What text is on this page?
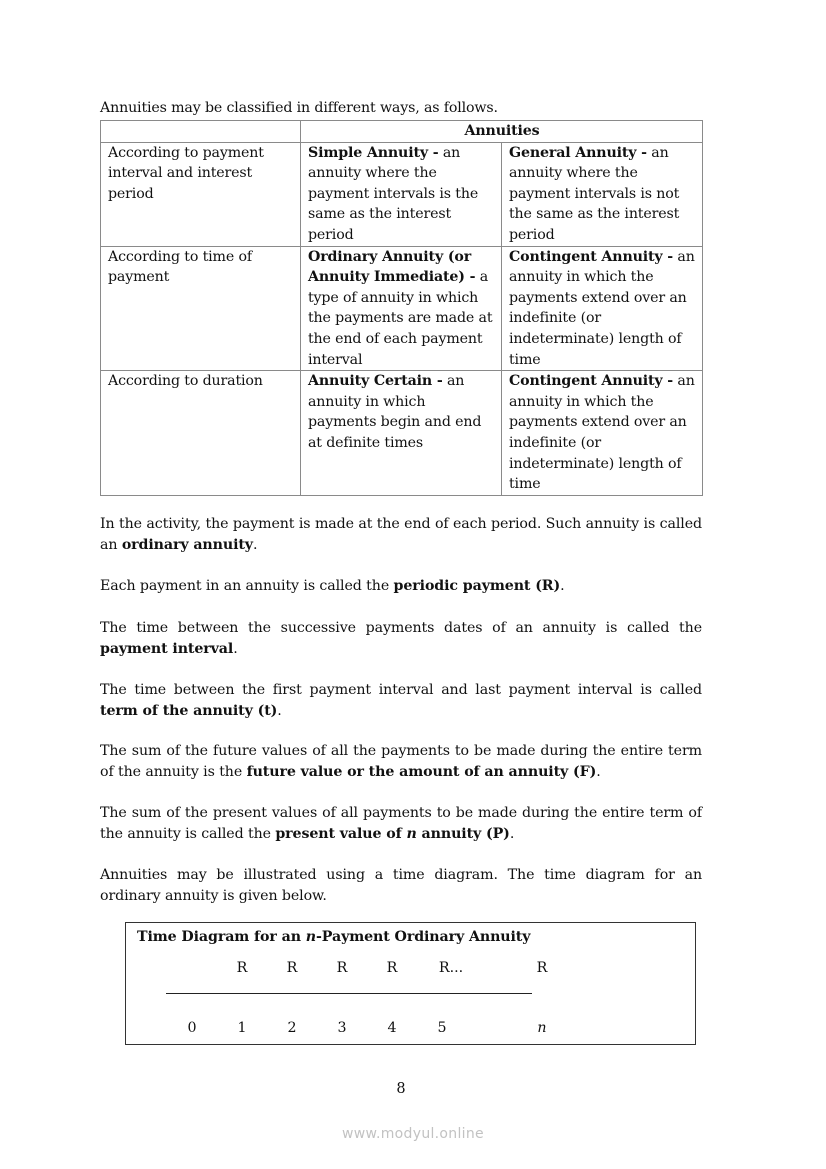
Annuities may be classified in different ways, as follows.

	Annuities	
According to payment interval and interest period	Simple Annuity - an annuity where the payment intervals is the same as the interest period	General Annuity - an annuity where the payment intervals is not the same as the interest period
According to time of payment	Ordinary Annuity (or Annuity Immediate) - a type of annuity in which the payments are made at the end of each payment interval	Contingent Annuity - an annuity in which the payments extend over an indefinite (or indeterminate) length of time
According to duration	Annuity Certain - an annuity in which payments begin and end at definite times	Contingent Annuity - an annuity in which the payments extend over an indefinite (or indeterminate) length of time

In the activity, the payment is made at the end of each period. Such annuity is called an ordinary annuity.

Each payment in an annuity is called the periodic payment (R).

The time between the successive payments dates of an annuity is called the payment interval.

The time between the first payment interval and last payment interval is called term of the annuity (t).

The sum of the future values of all the payments to be made during the entire term of the annuity is the future value or the amount of an annuity (F).

The sum of the present values of all payments to be made during the entire term of the annuity is called the present value of n annuity (P).

Annuities may be illustrated using a time diagram. The time diagram for an ordinary annuity is given below.

Time Diagram for an n-Payment Ordinary Annuity
R	R	R	R	R...	R
0	1	2	3	4	5	n
8
www.modyul.online
